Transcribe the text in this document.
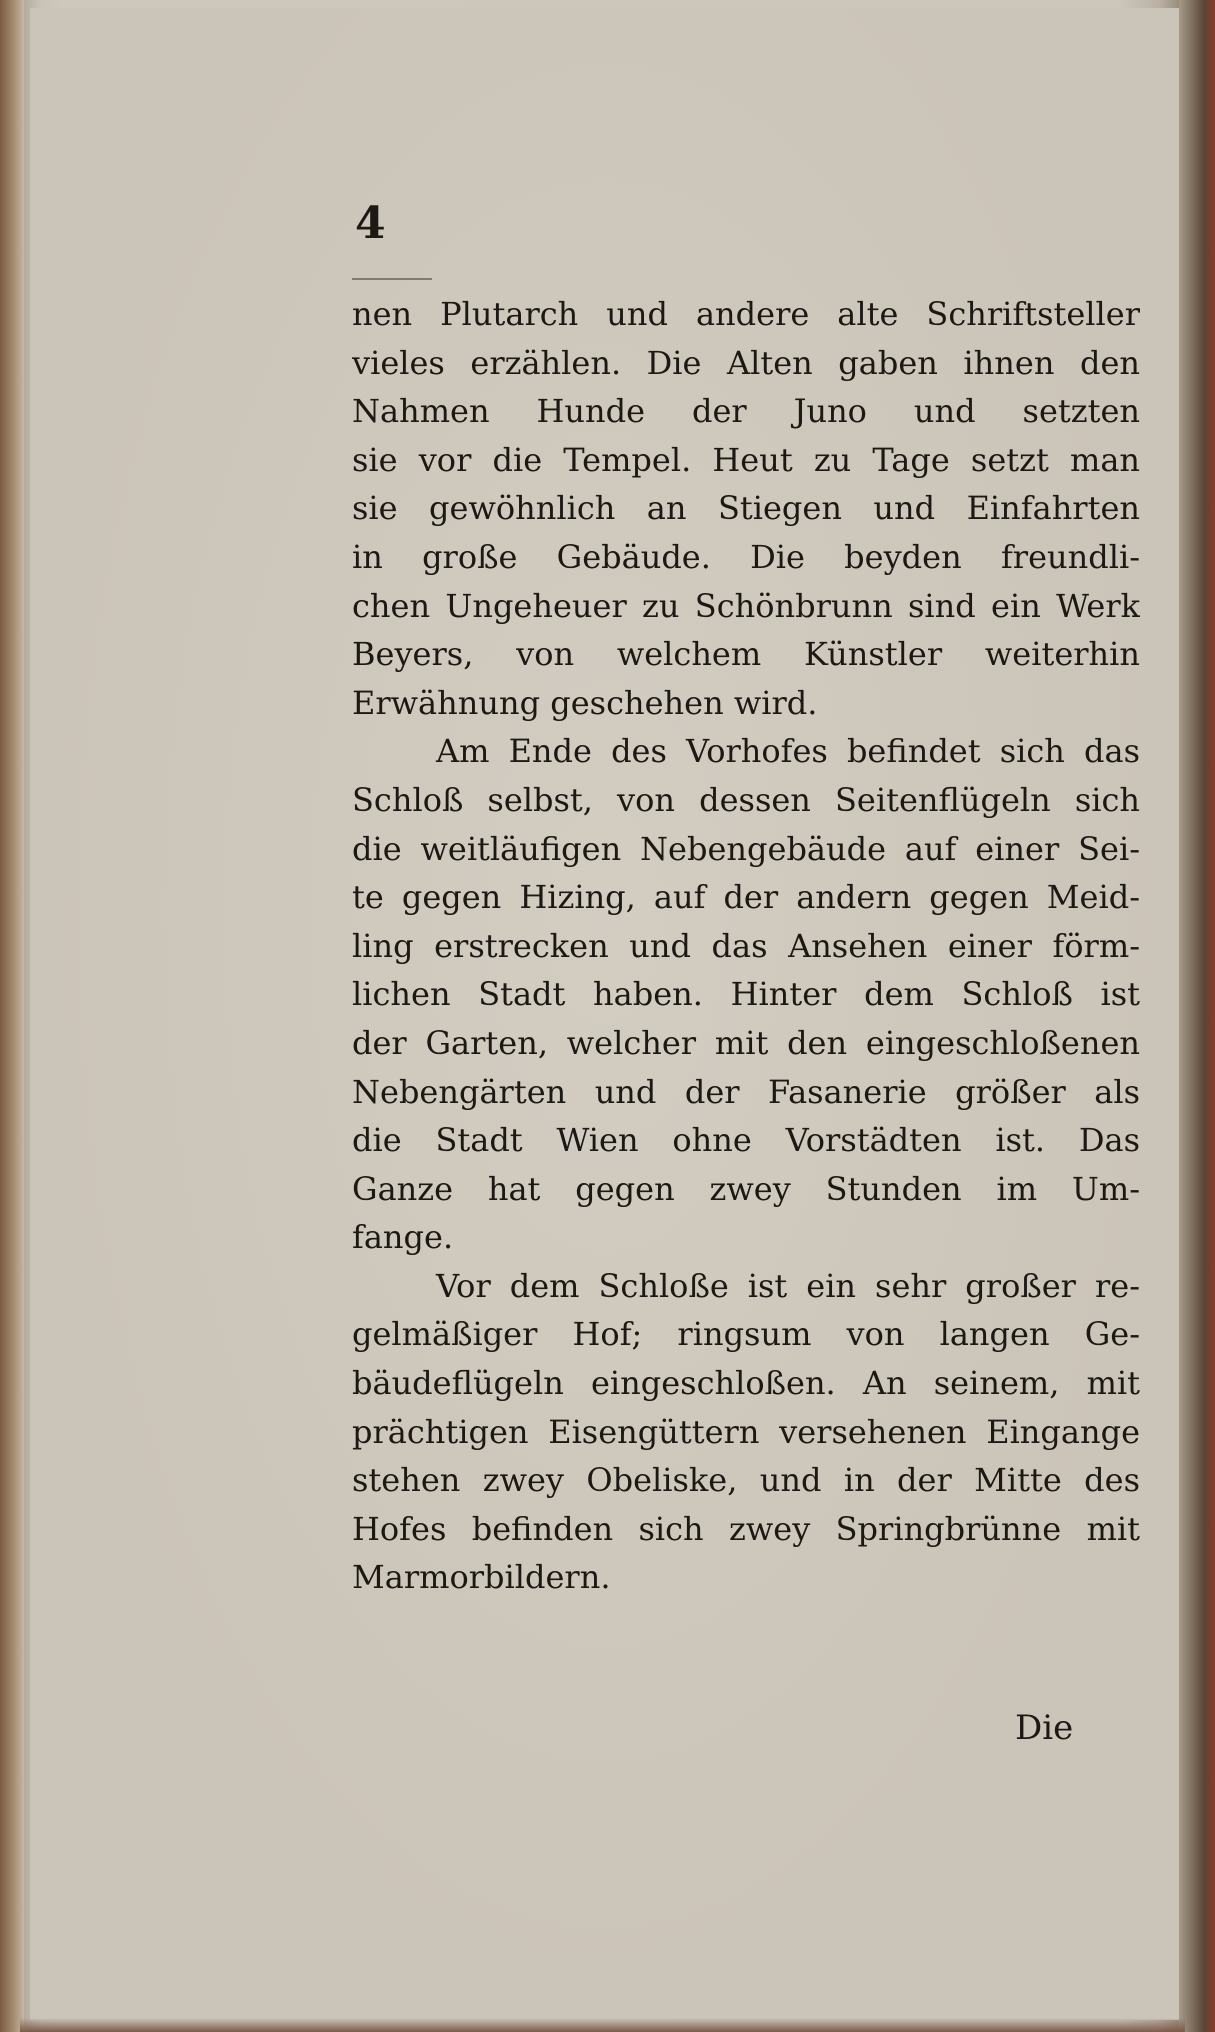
4

nen Plutarch und andere alte Schriftsteller
vieles erzählen. Die Alten gaben ihnen den
Nahmen Hunde der Juno und setzten
sie vor die Tempel. Heut zu Tage setzt man
sie gewöhnlich an Stiegen und Einfahrten
in große Gebäude. Die beyden freundli-
chen Ungeheuer zu Schönbrunn sind ein Werk
Beyers, von welchem Künstler weiterhin
Erwähnung geschehen wird.
Am Ende des Vorhofes befindet sich das
Schloß selbst, von dessen Seitenflügeln sich
die weitläufigen Nebengebäude auf einer Sei-
te gegen Hizing, auf der andern gegen Meid-
ling erstrecken und das Ansehen einer förm-
lichen Stadt haben. Hinter dem Schloß ist
der Garten, welcher mit den eingeschloßenen
Nebengärten und der Fasanerie größer als
die Stadt Wien ohne Vorstädten ist. Das
Ganze hat gegen zwey Stunden im Um-
fange.
Vor dem Schloße ist ein sehr großer re-
gelmäßiger Hof; ringsum von langen Ge-
bäudeflügeln eingeschloßen. An seinem, mit
prächtigen Eisengüttern versehenen Eingange
stehen zwey Obeliske, und in der Mitte des
Hofes befinden sich zwey Springbrünne mit
Marmorbildern.

Die
